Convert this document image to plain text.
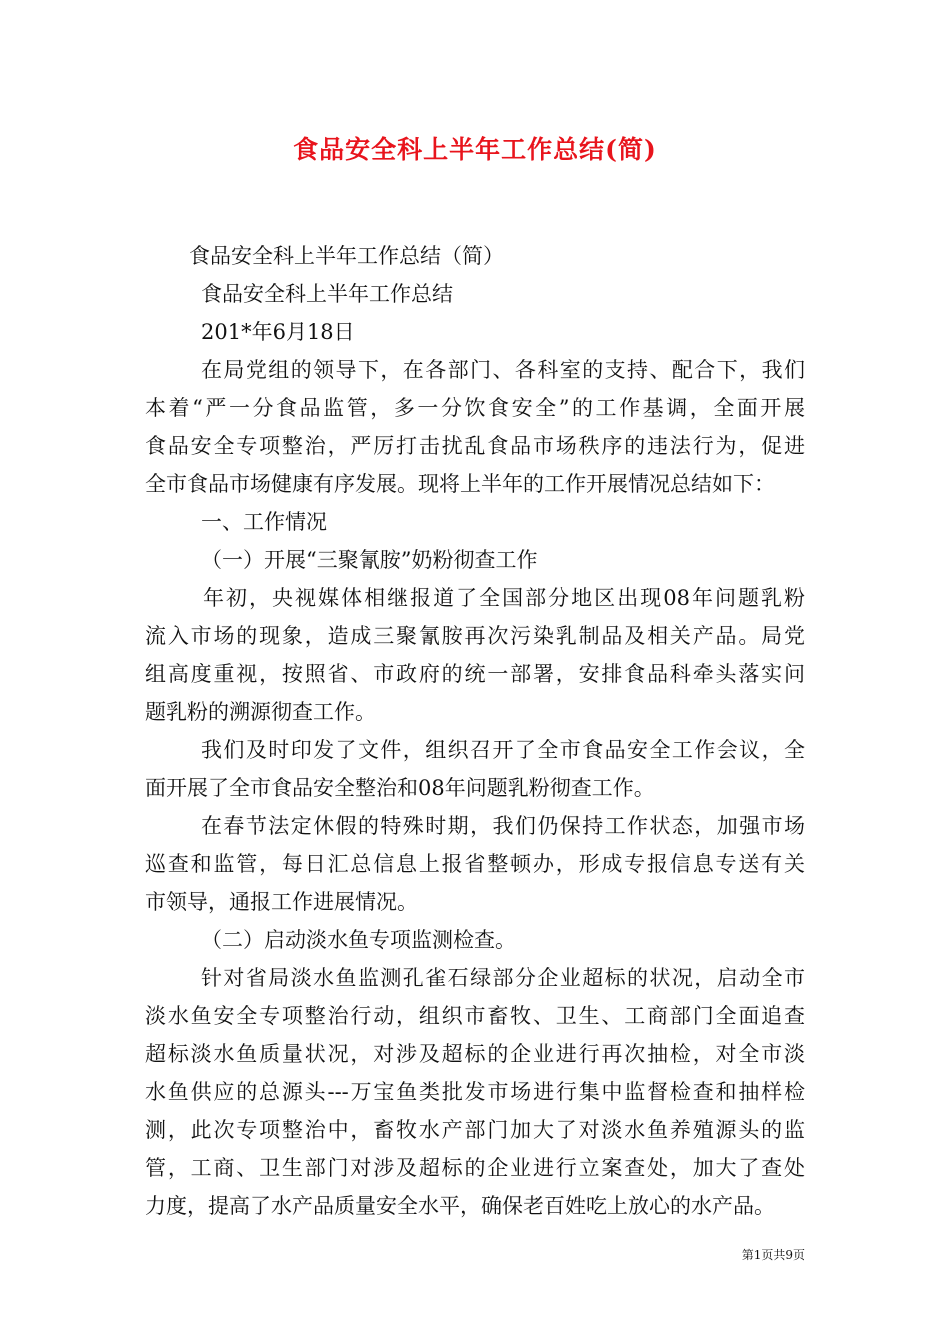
食品安全科上半年工作总结(简)
食品安全科上半年工作总结（简）
食品安全科上半年工作总结
201*年6月18日
在局党组的领导下，在各部门、各科室的支持、配合下，我们
本着“严一分食品监管，多一分饮食安全”的工作基调，全面开展
食品安全专项整治，严厉打击扰乱食品市场秩序的违法行为，促进
全市食品市场健康有序发展。现将上半年的工作开展情况总结如下：
一、工作情况
（一）开展“三聚氰胺”奶粉彻查工作
年初，央视媒体相继报道了全国部分地区出现08年问题乳粉
流入市场的现象，造成三聚氰胺再次污染乳制品及相关产品。局党
组高度重视，按照省、市政府的统一部署，安排食品科牵头落实问
题乳粉的溯源彻查工作。
我们及时印发了文件，组织召开了全市食品安全工作会议，全
面开展了全市食品安全整治和08年问题乳粉彻查工作。
在春节法定休假的特殊时期，我们仍保持工作状态，加强市场
巡查和监管，每日汇总信息上报省整顿办，形成专报信息专送有关
市领导，通报工作进展情况。
（二）启动淡水鱼专项监测检查。
针对省局淡水鱼监测孔雀石绿部分企业超标的状况，启动全市
淡水鱼安全专项整治行动，组织市畜牧、卫生、工商部门全面追查
超标淡水鱼质量状况，对涉及超标的企业进行再次抽检，对全市淡
水鱼供应的总源头---万宝鱼类批发市场进行集中监督检查和抽样检
测，此次专项整治中，畜牧水产部门加大了对淡水鱼养殖源头的监
管，工商、卫生部门对涉及超标的企业进行立案查处，加大了查处
力度，提高了水产品质量安全水平，确保老百姓吃上放心的水产品。
第1页共9页
